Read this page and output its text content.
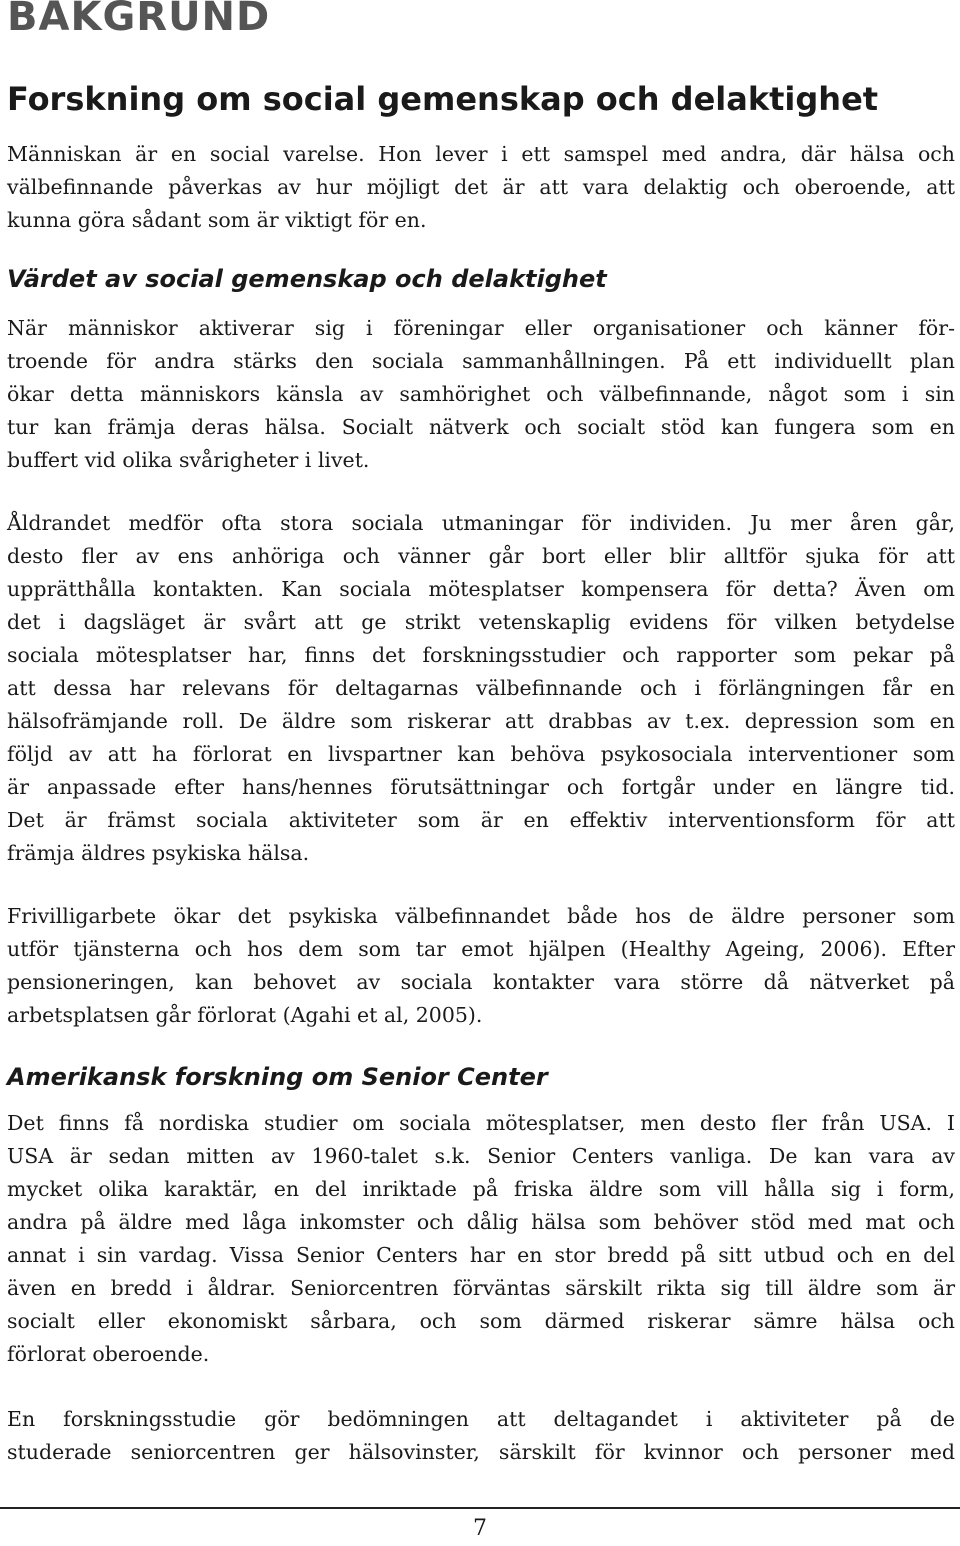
BAKGRUND
Forskning om social gemenskap och delaktighet
Människan är en social varelse. Hon lever i ett samspel med andra, där hälsa och
välbefinnande påverkas av hur möjligt det är att vara delaktig och oberoende, att
kunna göra sådant som är viktigt för en.
Värdet av social gemenskap och delaktighet
När människor aktiverar sig i föreningar eller organisationer och känner för-
troende för andra stärks den sociala sammanhållningen. På ett individuellt plan
ökar detta människors känsla av samhörighet och välbefinnande, något som i sin
tur kan främja deras hälsa. Socialt nätverk och socialt stöd kan fungera som en
buffert vid olika svårigheter i livet.
Åldrandet medför ofta stora sociala utmaningar för individen. Ju mer åren går,
desto fler av ens anhöriga och vänner går bort eller blir alltför sjuka för att
upprätthålla kontakten. Kan sociala mötesplatser kompensera för detta? Även om
det i dagsläget är svårt att ge strikt vetenskaplig evidens för vilken betydelse
sociala mötesplatser har, finns det forskningsstudier och rapporter som pekar på
att dessa har relevans för deltagarnas välbefinnande och i förlängningen får en
hälsofrämjande roll. De äldre som riskerar att drabbas av t.ex. depression som en
följd av att ha förlorat en livspartner kan behöva psykosociala interventioner som
är anpassade efter hans/hennes förutsättningar och fortgår under en längre tid.
Det är främst sociala aktiviteter som är en effektiv interventionsform för att
främja äldres psykiska hälsa.
Frivilligarbete ökar det psykiska välbefinnandet både hos de äldre personer som
utför tjänsterna och hos dem som tar emot hjälpen (Healthy Ageing, 2006). Efter
pensioneringen, kan behovet av sociala kontakter vara större då nätverket på
arbetsplatsen går förlorat (Agahi et al, 2005).
Amerikansk forskning om Senior Center
Det finns få nordiska studier om sociala mötesplatser, men desto fler från USA. I
USA är sedan mitten av 1960-talet s.k. Senior Centers vanliga. De kan vara av
mycket olika karaktär, en del inriktade på friska äldre som vill hålla sig i form,
andra på äldre med låga inkomster och dålig hälsa som behöver stöd med mat och
annat i sin vardag. Vissa Senior Centers har en stor bredd på sitt utbud och en del
även en bredd i åldrar. Seniorcentren förväntas särskilt rikta sig till äldre som är
socialt eller ekonomiskt sårbara, och som därmed riskerar sämre hälsa och
förlorat oberoende.
En forskningsstudie gör bedömningen att deltagandet i aktiviteter på de
studerade seniorcentren ger hälsovinster, särskilt för kvinnor och personer med
7
